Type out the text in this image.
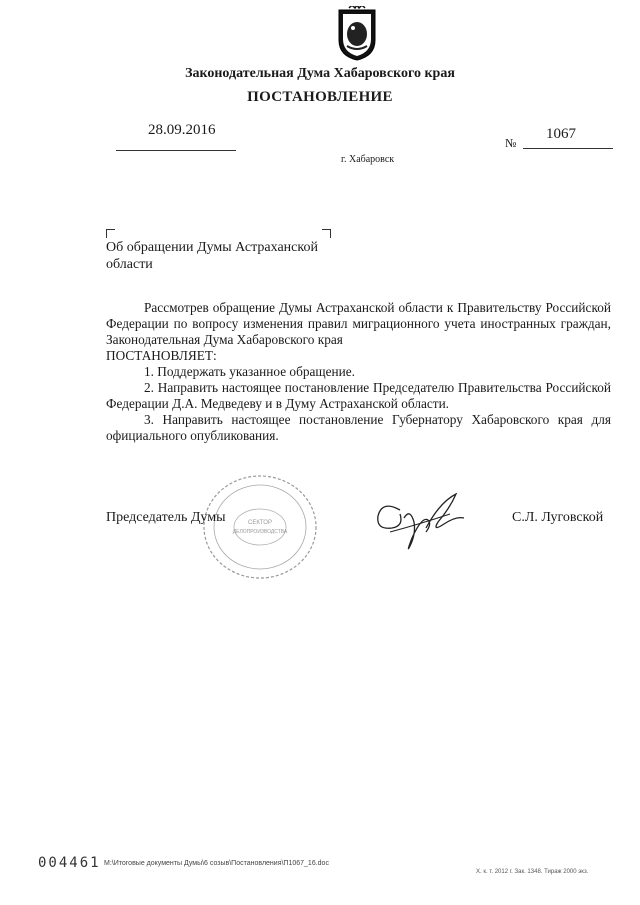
Законодательная Дума Хабаровского края
ПОСТАНОВЛЕНИЕ
28.09.2016
№
1067
г. Хабаровск
Об обращении Думы Астраханской
области

Рассмотрев обращение Думы Астраханской области к Правительству Российской Федерации по вопросу изменения правил миграционного учета иностранных граждан, Законодательная Дума Хабаровского края

ПОСТАНОВЛЯЕТ:

1. Поддержать указанное обращение.

2. Направить настоящее постановление Председателю Правительства Российской Федерации Д.А. Медведеву и в Думу Астраханской области.

3. Направить настоящее постановление Губернатору Хабаровского края для официального опубликования.

СЕКТОР
ДЕЛОПРОИЗВОДСТВА
Председатель Думы	С.Л. Луговской
004461 М:\Итоговые документы Думы\6 созыв\Постановления\П1067_16.doc
Х. к. т. 2012 г. Зак. 1348. Тираж 2000 экз.
